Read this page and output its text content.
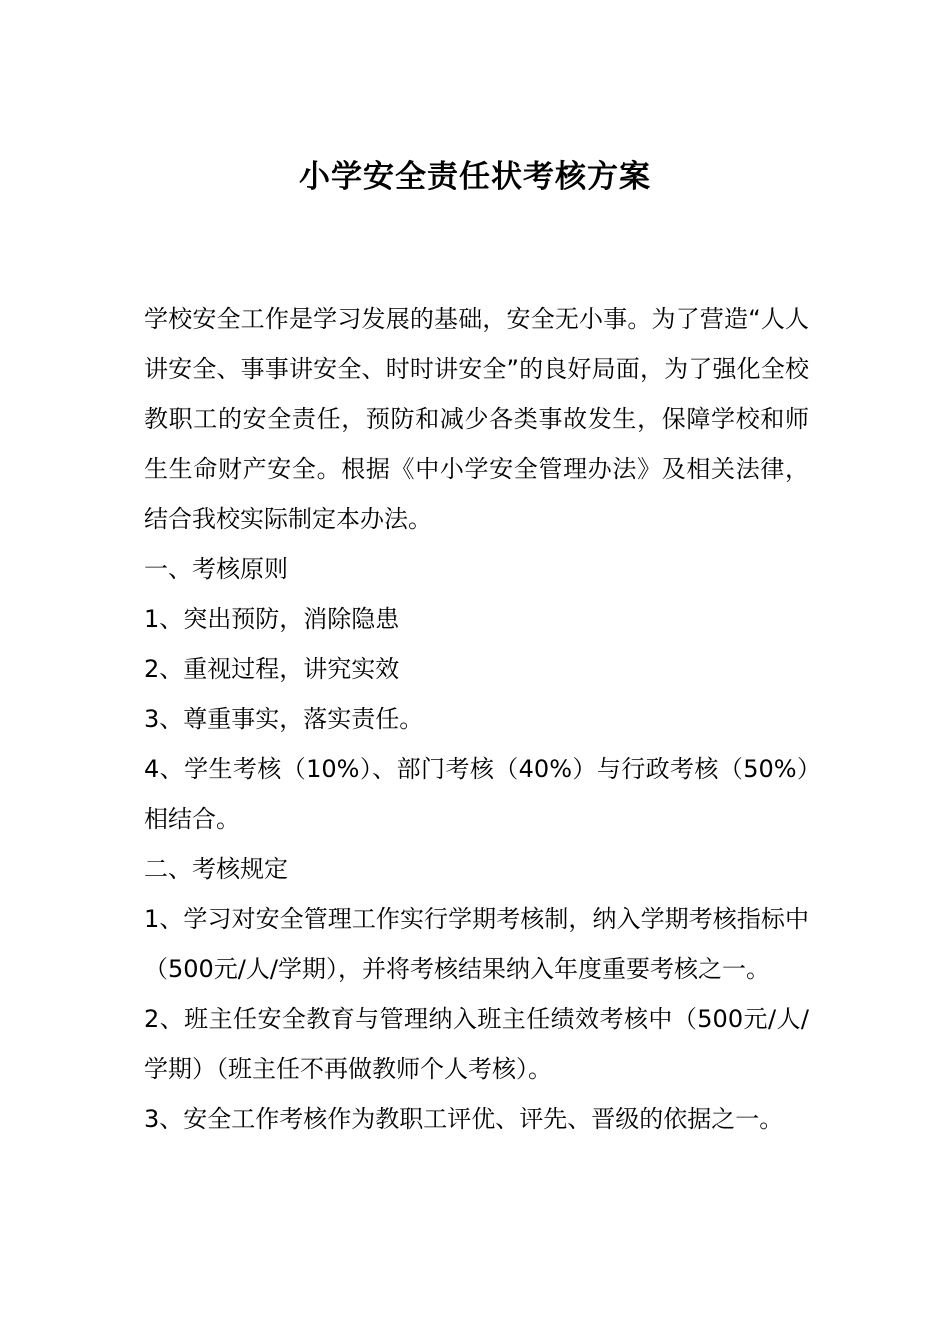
小学安全责任状考核方案

学校安全工作是学习发展的基础，安全无小事。为了营造“人人讲安全、事事讲安全、时时讲安全”的良好局面，为了强化全校教职工的安全责任，预防和减少各类事故发生，保障学校和师生生命财产安全。根据《中小学安全管理办法》及相关法律，结合我校实际制定本办法。

一、考核原则

1、突出预防，消除隐患

2、重视过程，讲究实效

3、尊重事实，落实责任。

4、学生考核（10%）、部门考核（40%）与行政考核（50%）相结合。

二、考核规定

1、学习对安全管理工作实行学期考核制，纳入学期考核指标中（500元/人/学期），并将考核结果纳入年度重要考核之一。

2、班主任安全教育与管理纳入班主任绩效考核中（500元/人/学期）（班主任不再做教师个人考核）。

3、安全工作考核作为教职工评优、评先、晋级的依据之一。
